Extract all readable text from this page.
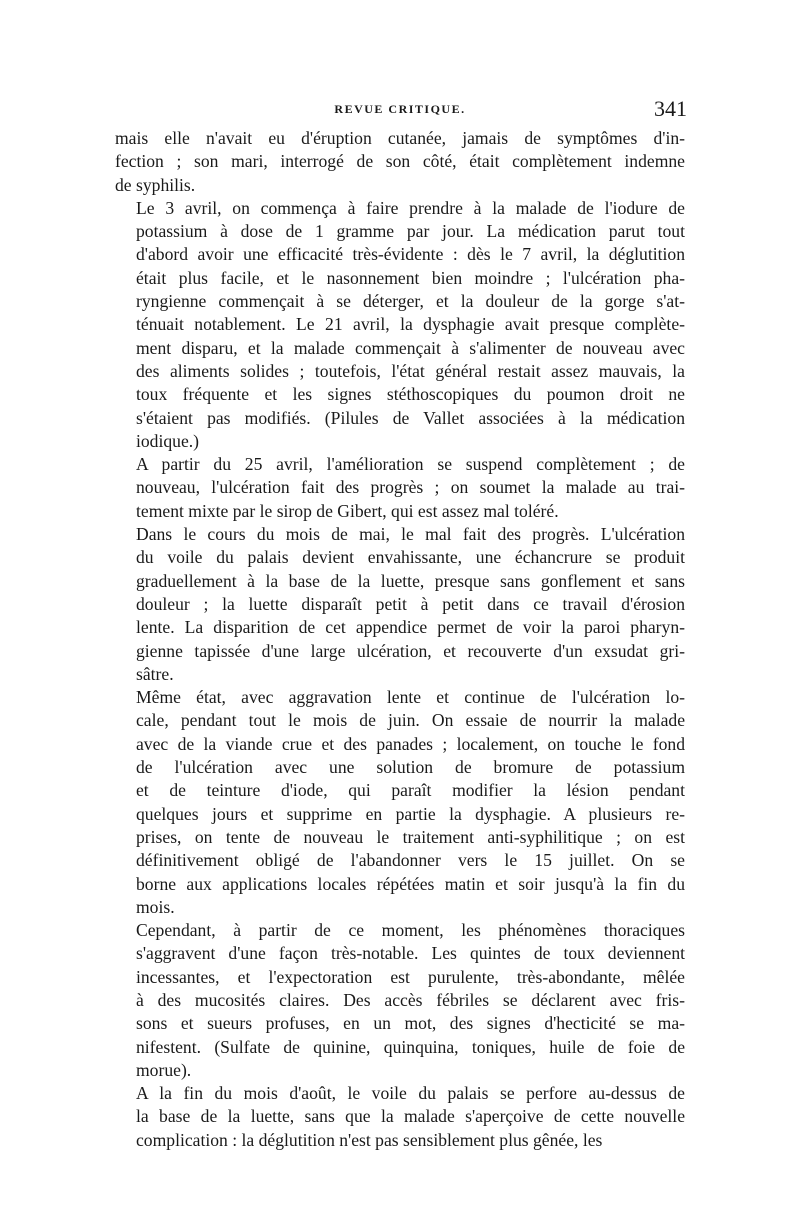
REVUE CRITIQUE.	341

mais elle n'avait eu d'éruption cutanée, jamais de symptômes d'in-
fection ; son mari, interrogé de son côté, était complètement indemne
de syphilis.

Le 3 avril, on commença à faire prendre à la malade de l'iodure de
potassium à dose de 1 gramme par jour. La médication parut tout
d'abord avoir une efficacité très-évidente : dès le 7 avril, la déglutition
était plus facile, et le nasonnement bien moindre ; l'ulcération pha-
ryngienne commençait à se déterger, et la douleur de la gorge s'at-
ténuait notablement. Le 21 avril, la dysphagie avait presque complète-
ment disparu, et la malade commençait à s'alimenter de nouveau avec
des aliments solides ; toutefois, l'état général restait assez mauvais, la
toux fréquente et les signes stéthoscopiques du poumon droit ne
s'étaient pas modifiés. (Pilules de Vallet associées à la médication
iodique.)

A partir du 25 avril, l'amélioration se suspend complètement ; de
nouveau, l'ulcération fait des progrès ; on soumet la malade au trai-
tement mixte par le sirop de Gibert, qui est assez mal toléré.

Dans le cours du mois de mai, le mal fait des progrès. L'ulcération
du voile du palais devient envahissante, une échancrure se produit
graduellement à la base de la luette, presque sans gonflement et sans
douleur ; la luette disparaît petit à petit dans ce travail d'érosion
lente. La disparition de cet appendice permet de voir la paroi pharyn-
gienne tapissée d'une large ulcération, et recouverte d'un exsudat gri-
sâtre.

Même état, avec aggravation lente et continue de l'ulcération lo-
cale, pendant tout le mois de juin. On essaie de nourrir la malade
avec de la viande crue et des panades ; localement, on touche le fond
de l'ulcération avec une solution de bromure de potassium
et de teinture d'iode, qui paraît modifier la lésion pendant
quelques jours et supprime en partie la dysphagie. A plusieurs re-
prises, on tente de nouveau le traitement anti-syphilitique ; on est
définitivement obligé de l'abandonner vers le 15 juillet. On se
borne aux applications locales répétées matin et soir jusqu'à la fin du
mois.

Cependant, à partir de ce moment, les phénomènes thoraciques
s'aggravent d'une façon très-notable. Les quintes de toux deviennent
incessantes, et l'expectoration est purulente, très-abondante, mêlée
à des mucosités claires. Des accès fébriles se déclarent avec fris-
sons et sueurs profuses, en un mot, des signes d'hecticité se ma-
nifestent. (Sulfate de quinine, quinquina, toniques, huile de foie de
morue).

A la fin du mois d'août, le voile du palais se perfore au-dessus de
la base de la luette, sans que la malade s'aperçoive de cette nouvelle
complication : la déglutition n'est pas sensiblement plus gênée, les
